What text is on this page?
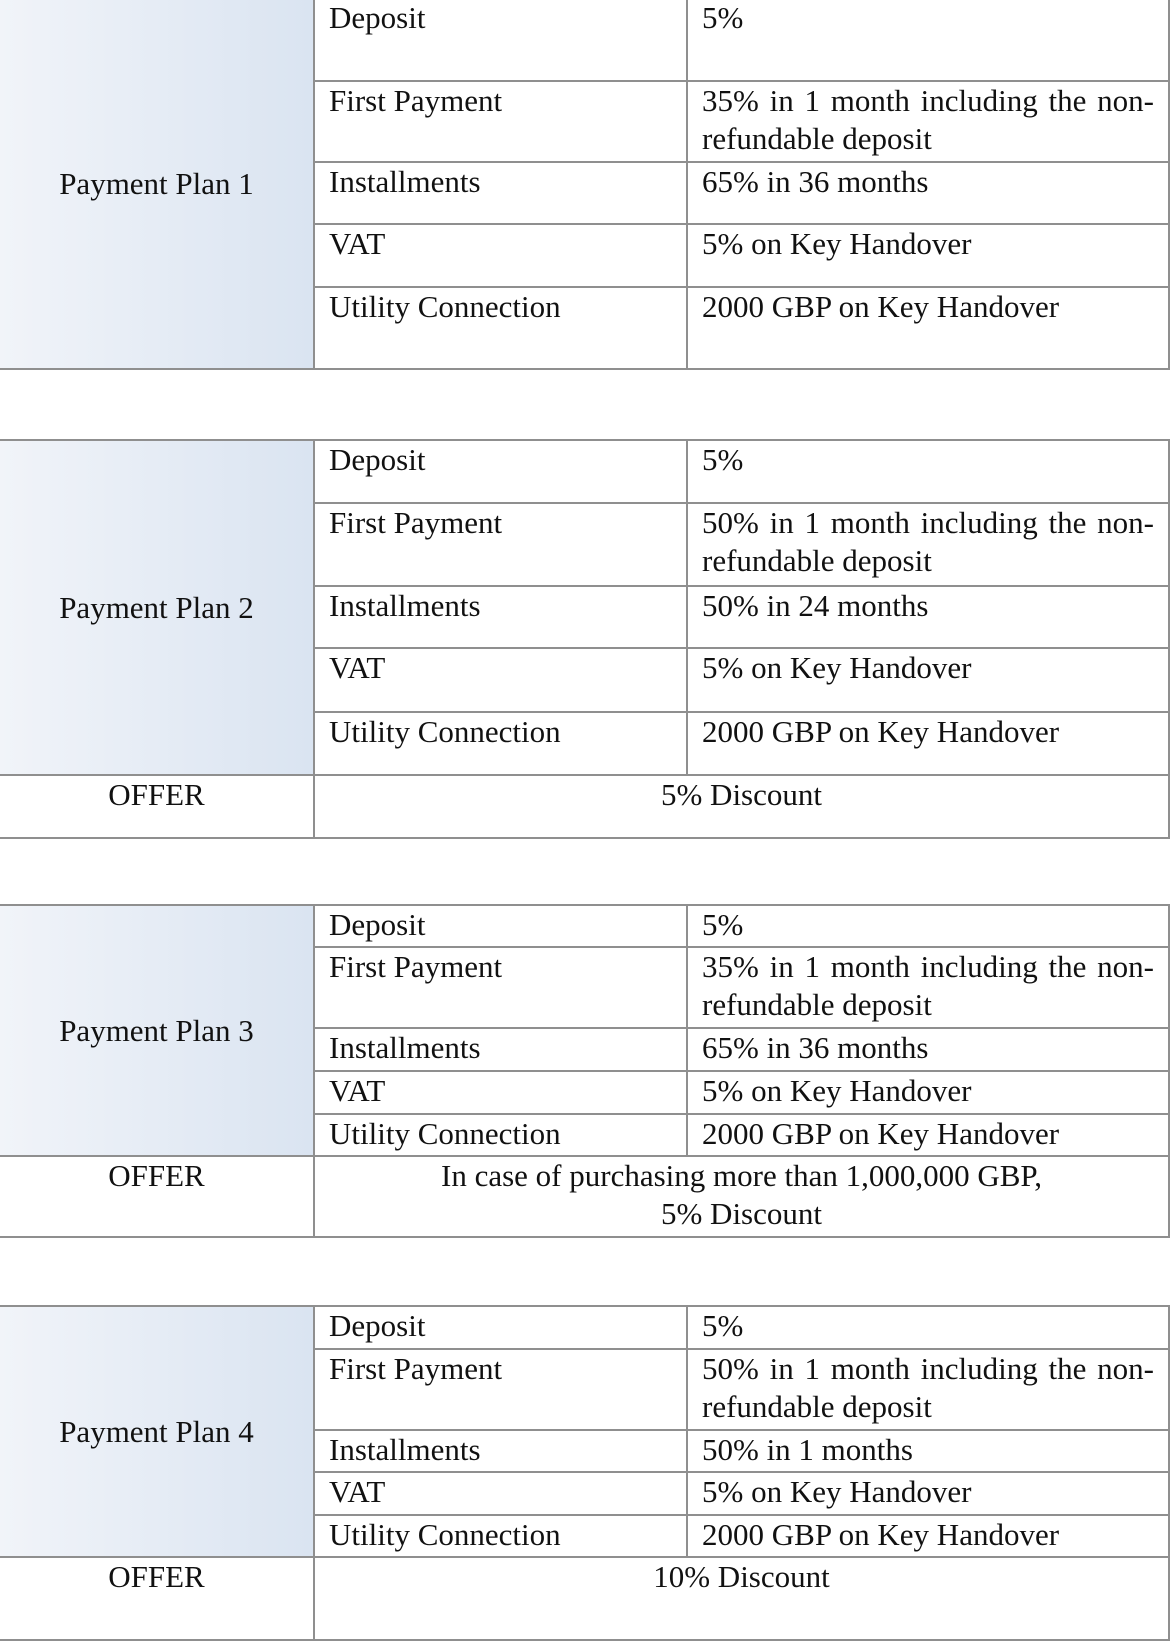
Payment Plan 1	Deposit	5%
	First Payment	35% in 1 month including the non-refundable deposit
	Installments	65% in 36 months
	VAT	5% on Key Handover
	Utility Connection	2000 GBP on Key Handover
Payment Plan 2	Deposit	5%
	First Payment	50% in 1 month including the non-refundable deposit
	Installments	50% in 24 months
	VAT	5% on Key Handover
	Utility Connection	2000 GBP on Key Handover
OFFER	5% Discount	
Payment Plan 3	Deposit	5%
	First Payment	35% in 1 month including the non-refundable deposit
	Installments	65% in 36 months
	VAT	5% on Key Handover
	Utility Connection	2000 GBP on Key Handover
OFFER	In case of purchasing more than 1,000,000 GBP,
5% Discount	
Payment Plan 4	Deposit	5%
	First Payment	50% in 1 month including the non-refundable deposit
	Installments	50% in 1 months
	VAT	5% on Key Handover
	Utility Connection	2000 GBP on Key Handover
OFFER	10% Discount	
